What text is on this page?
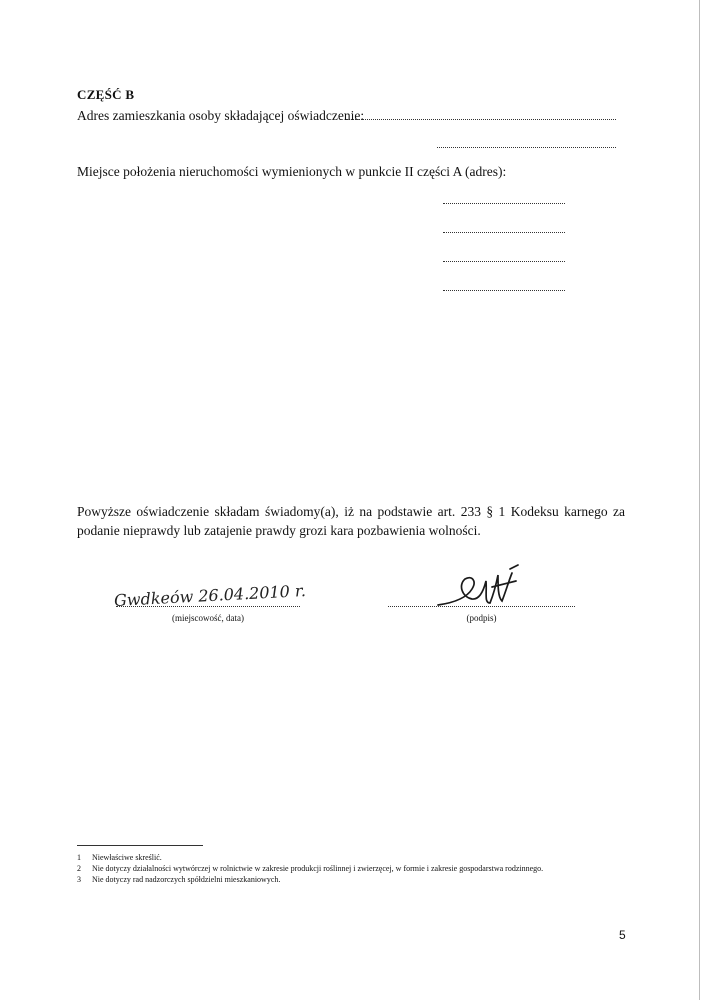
CZĘŚĆ B
Adres zamieszkania osoby składającej oświadczenie:
Miejsce położenia nieruchomości wymienionych w punkcie II części A (adres):
Powyższe oświadczenie składam świadomy(a), iż na podstawie art. 233 § 1 Kodeksu karnego za podanie nieprawdy lub zatajenie prawdy grozi kara pozbawienia wolności.
Gwdkeów 26.04.2010 r.
(miejscowość, data)	(podpis)
1 Niewłaściwe skreślić.
2 Nie dotyczy działalności wytwórczej w rolnictwie w zakresie produkcji roślinnej i zwierzęcej, w formie i zakresie gospodarstwa rodzinnego.
3 Nie dotyczy rad nadzorczych spółdzielni mieszkaniowych.
5
